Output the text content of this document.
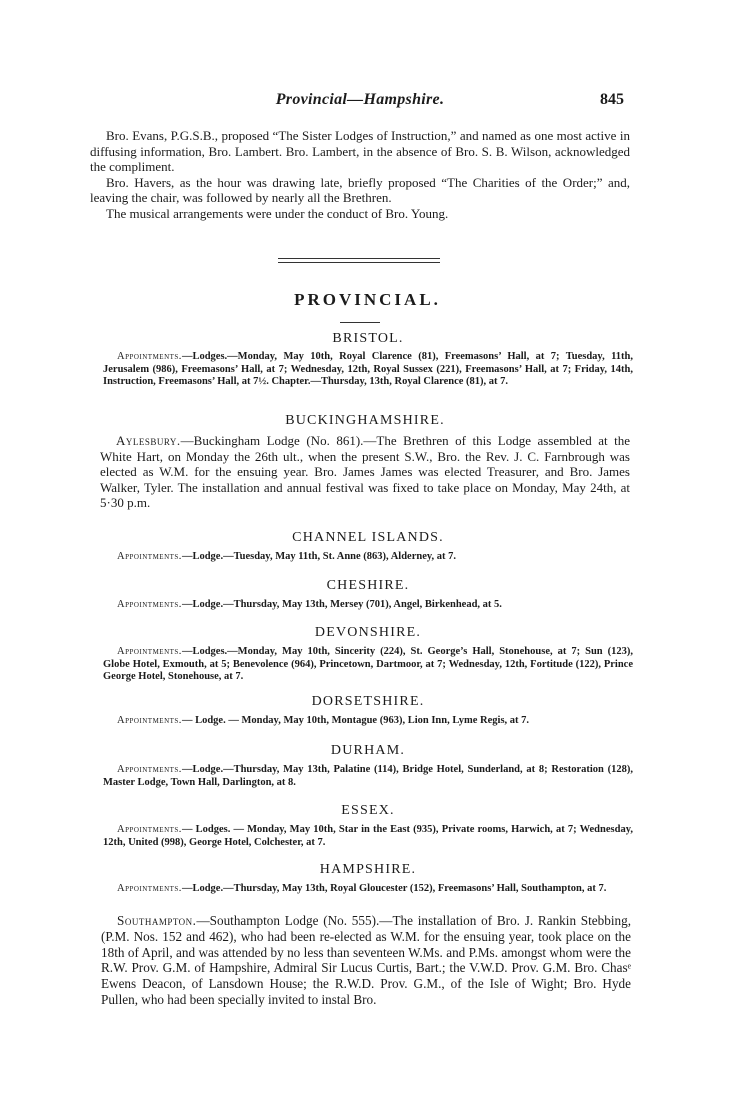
Provincial—Hampshire.	845

Bro. Evans, P.G.S.B., proposed “The Sister Lodges of Instruction,” and named as one most active in diffusing information, Bro. Lambert. Bro. Lambert, in the absence of Bro. S. B. Wilson, acknowledged the compliment.

Bro. Havers, as the hour was drawing late, briefly proposed “The Charities of the Order;” and, leaving the chair, was followed by nearly all the Brethren.

The musical arrangements were under the conduct of Bro. Young.

PROVINCIAL.
BRISTOL.

Appointments.—Lodges.—Monday, May 10th, Royal Clarence (81), Freemasons’ Hall, at 7; Tuesday, 11th, Jerusalem (986), Freemasons’ Hall, at 7; Wednesday, 12th, Royal Sussex (221), Freemasons’ Hall, at 7; Friday, 14th, Instruction, Freemasons’ Hall, at 7½. Chapter.—Thursday, 13th, Royal Clarence (81), at 7.

BUCKINGHAMSHIRE.

Aylesbury.—Buckingham Lodge (No. 861).—The Brethren of this Lodge assembled at the White Hart, on Monday the 26th ult., when the present S.W., Bro. the Rev. J. C. Farnbrough was elected as W.M. for the ensuing year. Bro. James James was elected Treasurer, and Bro. James Walker, Tyler. The installation and annual festival was fixed to take place on Monday, May 24th, at 5·30 p.m.

CHANNEL ISLANDS.

Appointments.—Lodge.—Tuesday, May 11th, St. Anne (863), Alderney, at 7.

CHESHIRE.

Appointments.—Lodge.—Thursday, May 13th, Mersey (701), Angel, Birkenhead, at 5.

DEVONSHIRE.

Appointments.—Lodges.—Monday, May 10th, Sincerity (224), St. George’s Hall, Stonehouse, at 7; Sun (123), Globe Hotel, Exmouth, at 5; Benevolence (964), Princetown, Dartmoor, at 7; Wednesday, 12th, Fortitude (122), Prince George Hotel, Stonehouse, at 7.

DORSETSHIRE.

Appointments.— Lodge. — Monday, May 10th, Montague (963), Lion Inn, Lyme Regis, at 7.

DURHAM.

Appointments.—Lodge.—Thursday, May 13th, Palatine (114), Bridge Hotel, Sunderland, at 8; Restoration (128), Master Lodge, Town Hall, Darlington, at 8.

ESSEX.

Appointments.— Lodges. — Monday, May 10th, Star in the East (935), Private rooms, Harwich, at 7; Wednesday, 12th, United (998), George Hotel, Colchester, at 7.

HAMPSHIRE.

Appointments.—Lodge.—Thursday, May 13th, Royal Gloucester (152), Freemasons’ Hall, Southampton, at 7.

Southampton.—Southampton Lodge (No. 555).—The installation of Bro. J. Rankin Stebbing, (P.M. Nos. 152 and 462), who had been re-elected as W.M. for the ensuing year, took place on the 18th of April, and was attended by no less than seventeen W.Ms. and P.Ms. amongst whom were the R.W. Prov. G.M. of Hampshire, Admiral Sir Lucus Curtis, Bart.; the V.W.D. Prov. G.M. Bro. Chasᵉ Ewens Deacon, of Lansdown House; the R.W.D. Prov. G.M., of the Isle of Wight; Bro. Hyde Pullen, who had been specially invited to instal Bro.
